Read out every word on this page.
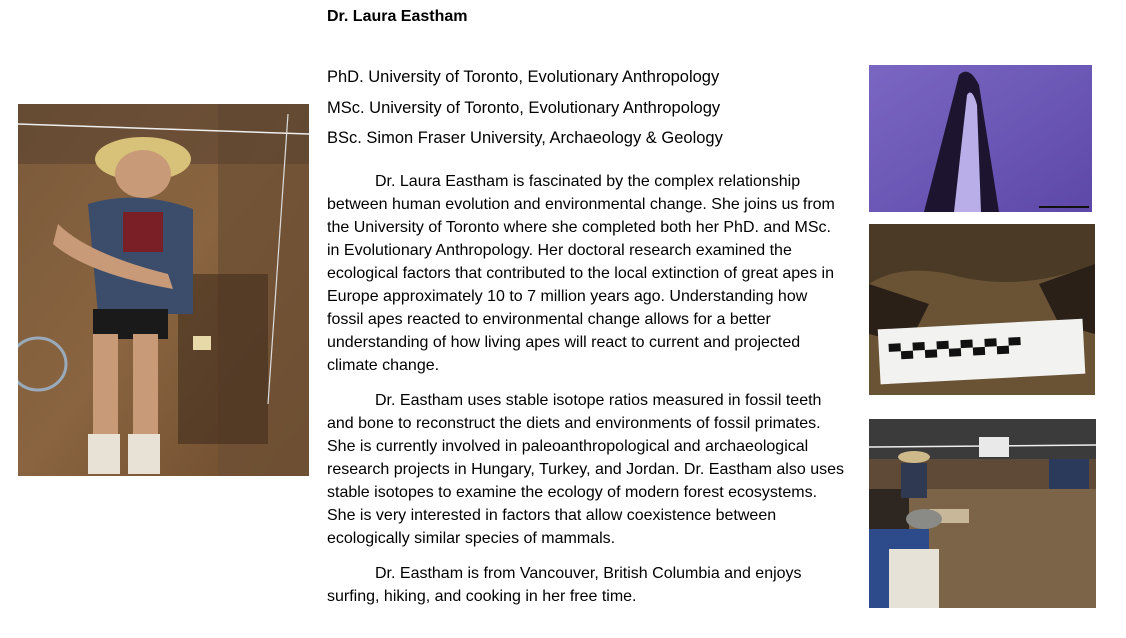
Dr. Laura Eastham
PhD. University of Toronto, Evolutionary Anthropology
MSc. University of Toronto, Evolutionary Anthropology
BSc. Simon Fraser University, Archaeology & Geology

Dr. Laura Eastham is fascinated by the complex relationship between human evolution and environmental change. She joins us from the University of Toronto where she completed both her PhD. and MSc. in Evolutionary Anthropology. Her doctoral research examined the ecological factors that contributed to the local extinction of great apes in Europe approximately 10 to 7 million years ago. Understanding how fossil apes reacted to environmental change allows for a better understanding of how living apes will react to current and projected climate change.

Dr. Eastham uses stable isotope ratios measured in fossil teeth and bone to reconstruct the diets and environments of fossil primates. She is currently involved in paleoanthropological and archaeological research projects in Hungary, Turkey, and Jordan. Dr. Eastham also uses stable isotopes to examine the ecology of modern forest ecosystems. She is very interested in factors that allow coexistence between ecologically similar species of mammals.

Dr. Eastham is from Vancouver, British Columbia and enjoys surfing, hiking, and cooking in her free time.
